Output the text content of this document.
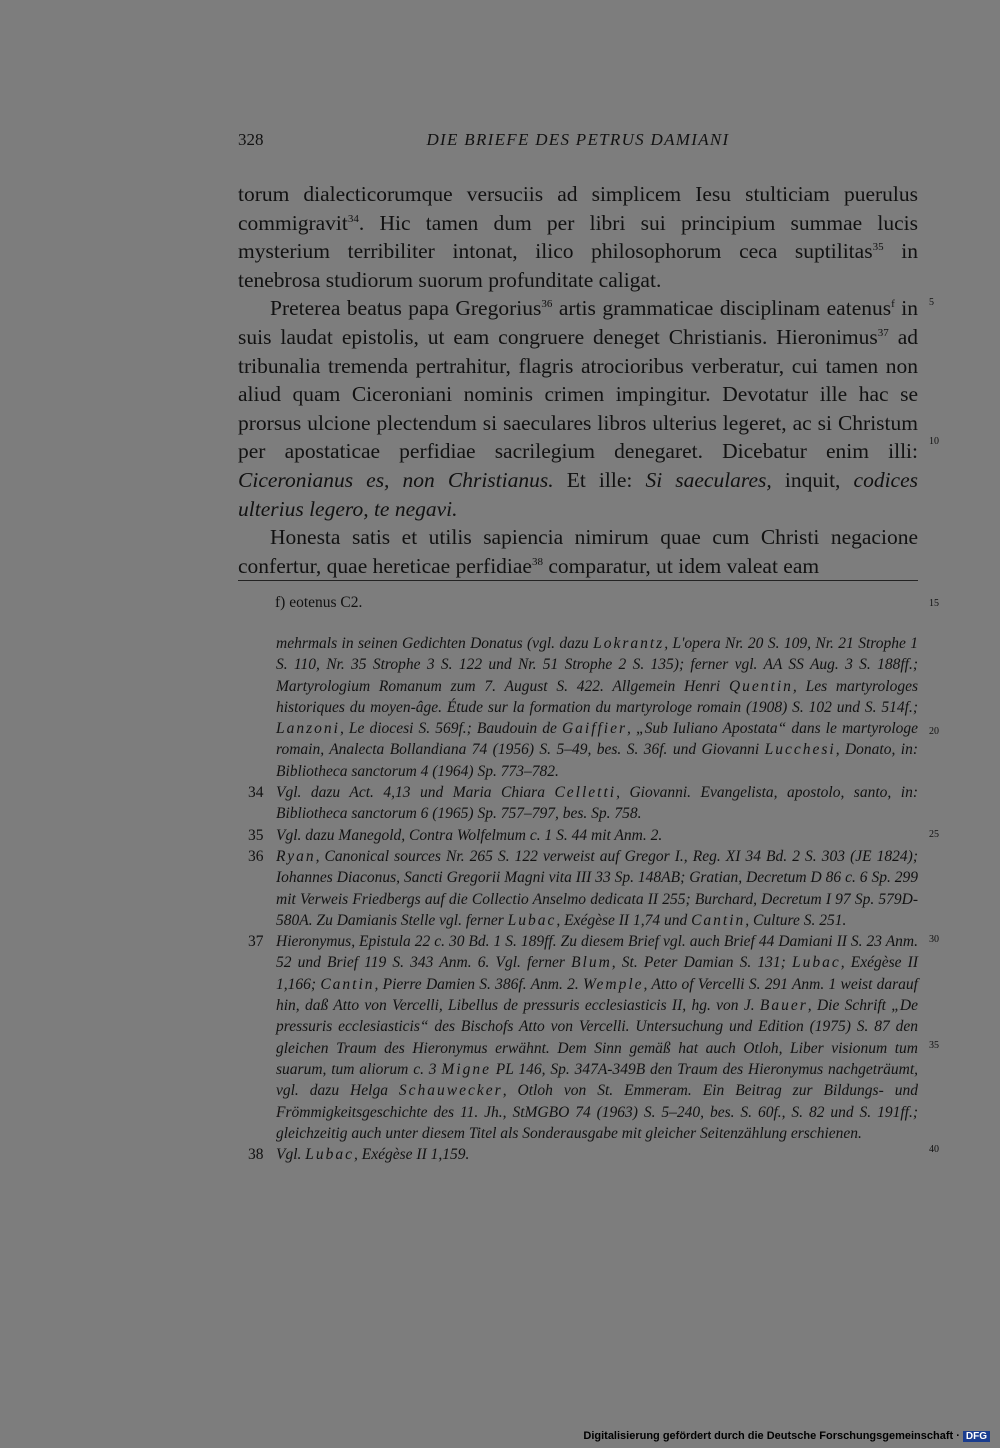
328	DIE BRIEFE DES PETRUS DAMIANI

torum dialecticorumque versuciis ad simplicem Iesu stulticiam puerulus commigravit$^{34}$. Hic tamen dum per libri sui principium summae lucis mysterium terribiliter intonat, ilico philosophorum ceca suptilitas$^{35}$ in tenebrosa studiorum suorum profunditate caligat.

Preterea beatus papa Gregorius$^{36}$ artis grammaticae disciplinam eatenus$^f$ in suis laudat epistolis, ut eam congruere deneget Christianis. Hieronimus$^{37}$ ad tribunalia tremenda pertrahitur, flagris atrocioribus verberatur, cui tamen non aliud quam Ciceroniani nominis crimen impingitur. Devotatur ille hac se prorsus ulcione plectendum si saeculares libros ulterius legeret, ac si Christum per apostaticae perfidiae sacrilegium denegaret. Dicebatur enim illi: Ciceronianus es, non Christianus. Et ille: Si saeculares, inquit, codices ulterius legero, te negavi.

Honesta satis et utilis sapiencia nimirum quae cum Christi negacione confertur, quae hereticae perfidiae$^{38}$ comparatur, ut idem valeat eam

5
10
15
20
25
30
35
40
f) eotenus C2.

mehrmals in seinen Gedichten Donatus (vgl. dazu Lokrantz, L'opera Nr. 20 S. 109, Nr. 21 Strophe 1 S. 110, Nr. 35 Strophe 3 S. 122 und Nr. 51 Strophe 2 S. 135); ferner vgl. AA SS Aug. 3 S. 188ff.; Martyrologium Romanum zum 7. August S. 422. Allgemein Henri Quentin, Les martyrologes historiques du moyen-âge. Étude sur la formation du martyrologe romain (1908) S. 102 und S. 514f.; Lanzoni, Le diocesi S. 569f.; Baudouin de Gaiffier, „Sub Iuliano Apostata“ dans le martyrologe romain, Analecta Bollandiana 74 (1956) S. 5–49, bes. S. 36f. und Giovanni Lucchesi, Donato, in: Bibliotheca sanctorum 4 (1964) Sp. 773–782.

34 Vgl. dazu Act. 4,13 und Maria Chiara Celletti, Giovanni. Evangelista, apostolo, santo, in: Bibliotheca sanctorum 6 (1965) Sp. 757–797, bes. Sp. 758.

35 Vgl. dazu Manegold, Contra Wolfelmum c. 1 S. 44 mit Anm. 2.

36 Ryan, Canonical sources Nr. 265 S. 122 verweist auf Gregor I., Reg. XI 34 Bd. 2 S. 303 (JE 1824); Iohannes Diaconus, Sancti Gregorii Magni vita III 33 Sp. 148AB; Gratian, Decretum D 86 c. 6 Sp. 299 mit Verweis Friedbergs auf die Collectio Anselmo dedicata II 255; Burchard, Decretum I 97 Sp. 579D-580A. Zu Damianis Stelle vgl. ferner Lubac, Exégèse II 1,74 und Cantin, Culture S. 251.

37 Hieronymus, Epistula 22 c. 30 Bd. 1 S. 189ff. Zu diesem Brief vgl. auch Brief 44 Damiani II S. 23 Anm. 52 und Brief 119 S. 343 Anm. 6. Vgl. ferner Blum, St. Peter Damian S. 131; Lubac, Exégèse II 1,166; Cantin, Pierre Damien S. 386f. Anm. 2. Wemple, Atto of Vercelli S. 291 Anm. 1 weist darauf hin, daß Atto von Vercelli, Libellus de pressuris ecclesiasticis II, hg. von J. Bauer, Die Schrift „De pressuris ecclesiasticis“ des Bischofs Atto von Vercelli. Untersuchung und Edition (1975) S. 87 den gleichen Traum des Hieronymus erwähnt. Dem Sinn gemäß hat auch Otloh, Liber visionum tum suarum, tum aliorum c. 3 Migne PL 146, Sp. 347A-349B den Traum des Hieronymus nachgeträumt, vgl. dazu Helga Schauwecker, Otloh von St. Emmeram. Ein Beitrag zur Bildungs- und Frömmigkeitsgeschichte des 11. Jh., StMGBO 74 (1963) S. 5–240, bes. S. 60f., S. 82 und S. 191ff.; gleichzeitig auch unter diesem Titel als Sonderausgabe mit gleicher Seitenzählung erschienen.

38 Vgl. Lubac, Exégèse II 1,159.

Digitalisierung gefördert durch die Deutsche Forschungsgemeinschaft · DFG
